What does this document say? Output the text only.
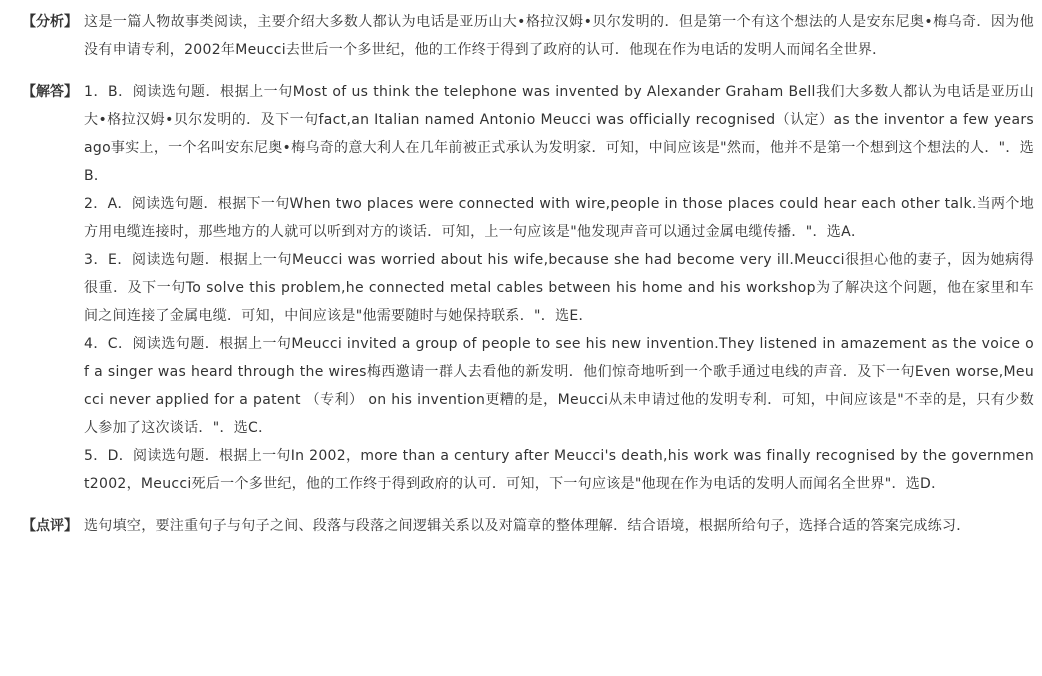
【分析】 这是一篇人物故事类阅读，主要介绍大多数人都认为电话是亚历山大•格拉汉姆•贝尔发明的．但是第一个有这个想法的人是安东尼奥•梅乌奇．因为他没有申请专利，2002年Meucci去世后一个多世纪，他的工作终于得到了政府的认可．他现在作为电话的发明人而闻名全世界．

【解答】 1．B．阅读选句题．根据上一句Most of us think the telephone was invented by Alexander Graham Bell我们大多数人都认为电话是亚历山大•格拉汉姆•贝尔发明的．及下一句fact,an Italian named Antonio Meucci was officially recognised（认定）as the inventor a few years ago事实上，一个名叫安东尼奥•梅乌奇的意大利人在几年前被正式承认为发明家．可知，中间应该是"然而，他并不是第一个想到这个想法的人．"．选B．

2．A．阅读选句题．根据下一句When two places were connected with wire,people in those places could hear each other talk.当两个地方用电缆连接时，那些地方的人就可以听到对方的谈话．可知，上一句应该是"他发现声音可以通过金属电缆传播．"．选A．

3．E．阅读选句题．根据上一句Meucci was worried about his wife,because she had become very ill.Meucci很担心他的妻子，因为她病得很重．及下一句To solve this problem,he connected metal cables between his home and his workshop为了解决这个问题，他在家里和车间之间连接了金属电缆．可知，中间应该是"他需要随时与她保持联系．"．选E．

4．C．阅读选句题．根据上一句Meucci invited a group of people to see his new invention.They listened in amazement as the voice of a singer was heard through the wires梅西邀请一群人去看他的新发明．他们惊奇地听到一个歌手通过电线的声音．及下一句Even worse,Meucci never applied for a patent （专利） on his invention更糟的是，Meucci从未申请过他的发明专利．可知，中间应该是"不幸的是，只有少数人参加了这次谈话．"．选C．

5．D．阅读选句题．根据上一句In 2002，more than a century after Meucci's death,his work was finally recognised by the government2002，Meucci死后一个多世纪，他的工作终于得到政府的认可．可知，下一句应该是"他现在作为电话的发明人而闻名全世界"．选D．

【点评】 选句填空，要注重句子与句子之间、段落与段落之间逻辑关系以及对篇章的整体理解．结合语境，根据所给句子，选择合适的答案完成练习．
